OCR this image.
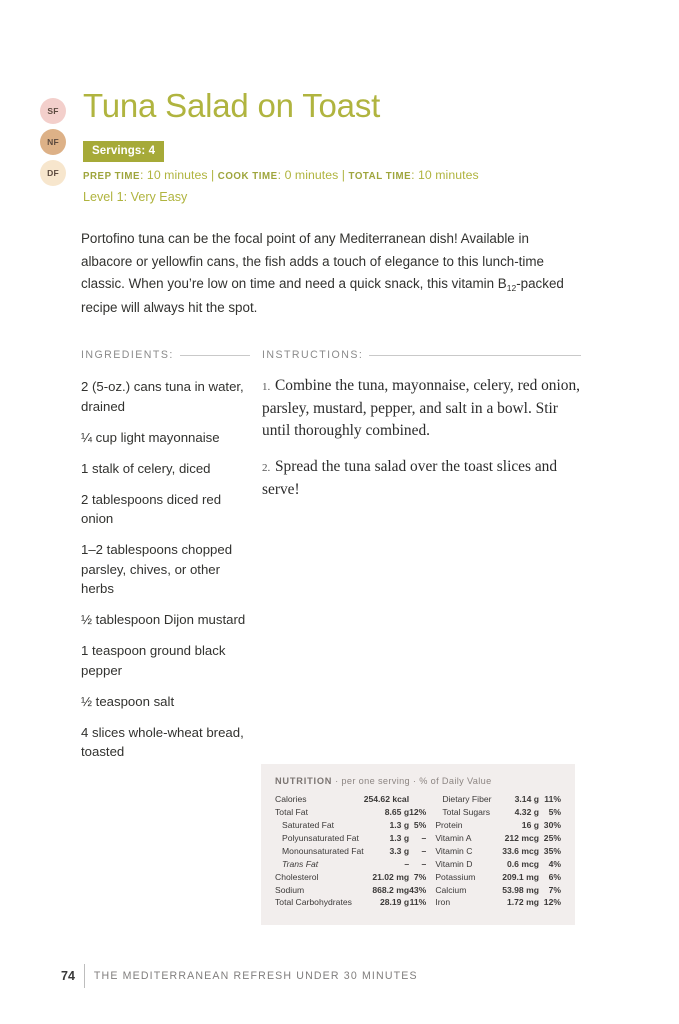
SF
NF
DF
Tuna Salad on Toast
Servings: 4
PREP TIME: 10 minutes | COOK TIME: 0 minutes | TOTAL TIME: 10 minutes
Level 1: Very Easy
Portofino tuna can be the focal point of any Mediterranean dish! Available in albacore or yellowfin cans, the fish adds a touch of elegance to this lunch-time classic. When you’re low on time and need a quick snack, this vitamin $B_{12}$-packed recipe will always hit the spot.
INGREDIENTS:
2 (5-oz.) cans tuna in water, drained
¼ cup light mayonnaise
1 stalk of celery, diced
2 tablespoons diced red onion
1–2 tablespoons chopped parsley, chives, or other herbs
½ tablespoon Dijon mustard
1 teaspoon ground black pepper
½ teaspoon salt
4 slices whole-wheat bread, toasted
INSTRUCTIONS:
1. Combine the tuna, mayonnaise, celery, red onion, parsley, mustard, pepper, and salt in a bowl. Stir until thoroughly combined.
2. Spread the tuna salad over the toast slices and serve!
NUTRITION · per one serving · % of Daily Value
Calories	254.62 kcal	
Total Fat	8.65 g	12%
Saturated Fat	1.3 g	5%
Polyunsaturated Fat	1.3 g	–
Monounsaturated Fat	3.3 g	–
Trans Fat	–	–
Cholesterol	21.02 mg	7%
Sodium	868.2 mg	43%
Total Carbohydrates	28.19 g	11%
Dietary Fiber	3.14 g	11%
Total Sugars	4.32 g	5%
Protein	16 g	30%
Vitamin A	212 mcg	25%
Vitamin C	33.6 mcg	35%
Vitamin D	0.6 mcg	4%
Potassium	209.1 mg	6%
Calcium	53.98 mg	7%
Iron	1.72 mg	12%
74 THE MEDITERRANEAN REFRESH UNDER 30 MINUTES
